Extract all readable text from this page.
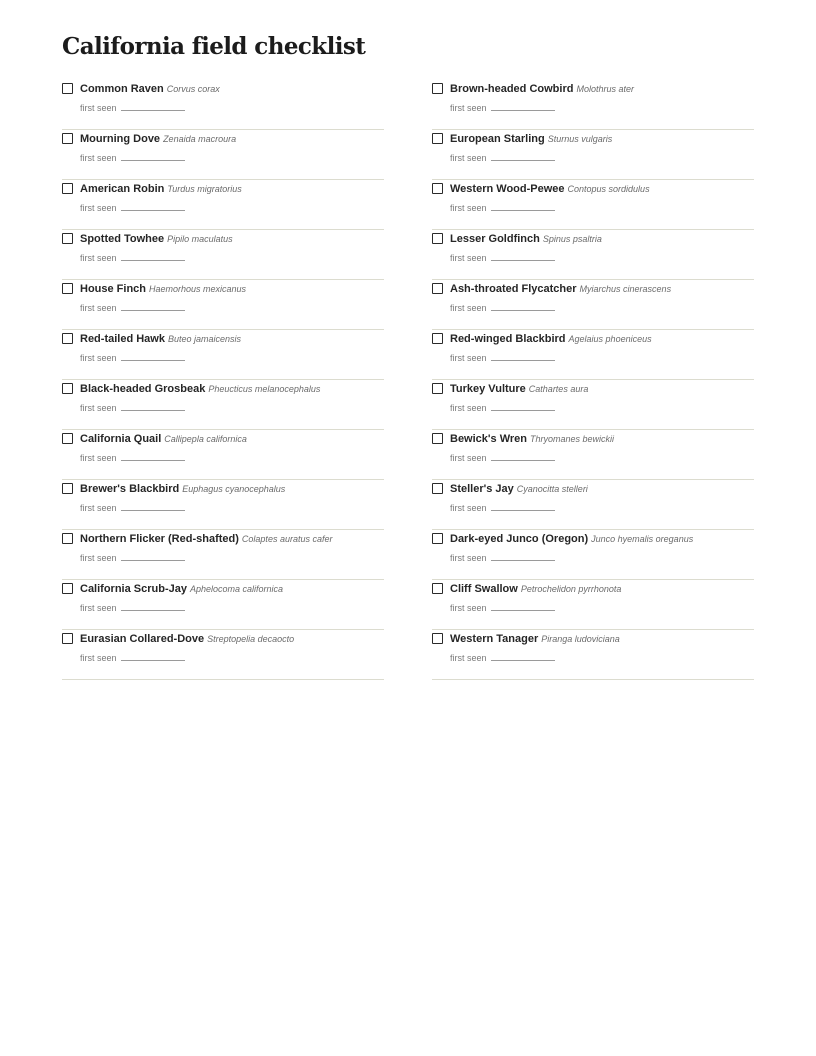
California field checklist
Common Raven Corvus corax
first seen
Mourning Dove Zenaida macroura
first seen
American Robin Turdus migratorius
first seen
Spotted Towhee Pipilo maculatus
first seen
House Finch Haemorhous mexicanus
first seen
Red-tailed Hawk Buteo jamaicensis
first seen
Black-headed Grosbeak Pheucticus melanocephalus
first seen
California Quail Callipepla californica
first seen
Brewer's Blackbird Euphagus cyanocephalus
first seen
Northern Flicker (Red-shafted) Colaptes auratus cafer
first seen
California Scrub-Jay Aphelocoma californica
first seen
Eurasian Collared-Dove Streptopelia decaocto
first seen
Brown-headed Cowbird Molothrus ater
first seen
European Starling Sturnus vulgaris
first seen
Western Wood-Pewee Contopus sordidulus
first seen
Lesser Goldfinch Spinus psaltria
first seen
Ash-throated Flycatcher Myiarchus cinerascens
first seen
Red-winged Blackbird Agelaius phoeniceus
first seen
Turkey Vulture Cathartes aura
first seen
Bewick's Wren Thryomanes bewickii
first seen
Steller's Jay Cyanocitta stelleri
first seen
Dark-eyed Junco (Oregon) Junco hyemalis oreganus
first seen
Cliff Swallow Petrochelidon pyrrhonota
first seen
Western Tanager Piranga ludoviciana
first seen
